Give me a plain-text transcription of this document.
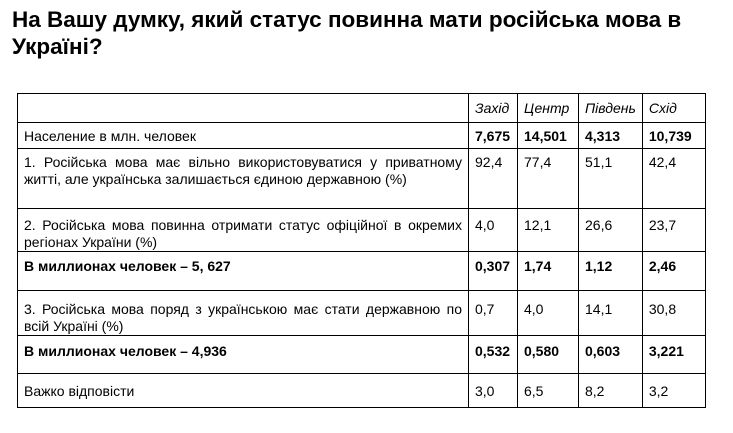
На Вашу думку, який статус повинна мати російська мова в Україні?
	Захід	Центр	Південь	Схід
Население в млн. человек	7,675	14,501	4,313	10,739
1. Російська мова має вільно використовуватися у приватному житті, але українська залишається єдиною державною (%)	92,4	77,4	51,1	42,4
2. Російська мова повинна отримати статус офіційної в окремих регіонах України (%)	4,0	12,1	26,6	23,7
В миллионах человек – 5, 627	0,307	1,74	1,12	2,46
3. Російська мова поряд з українською має стати державною по всій Україні (%)	0,7	4,0	14,1	30,8
В миллионах человек – 4,936	0,532	0,580	0,603	3,221
Важко відповісти	3,0	6,5	8,2	3,2
